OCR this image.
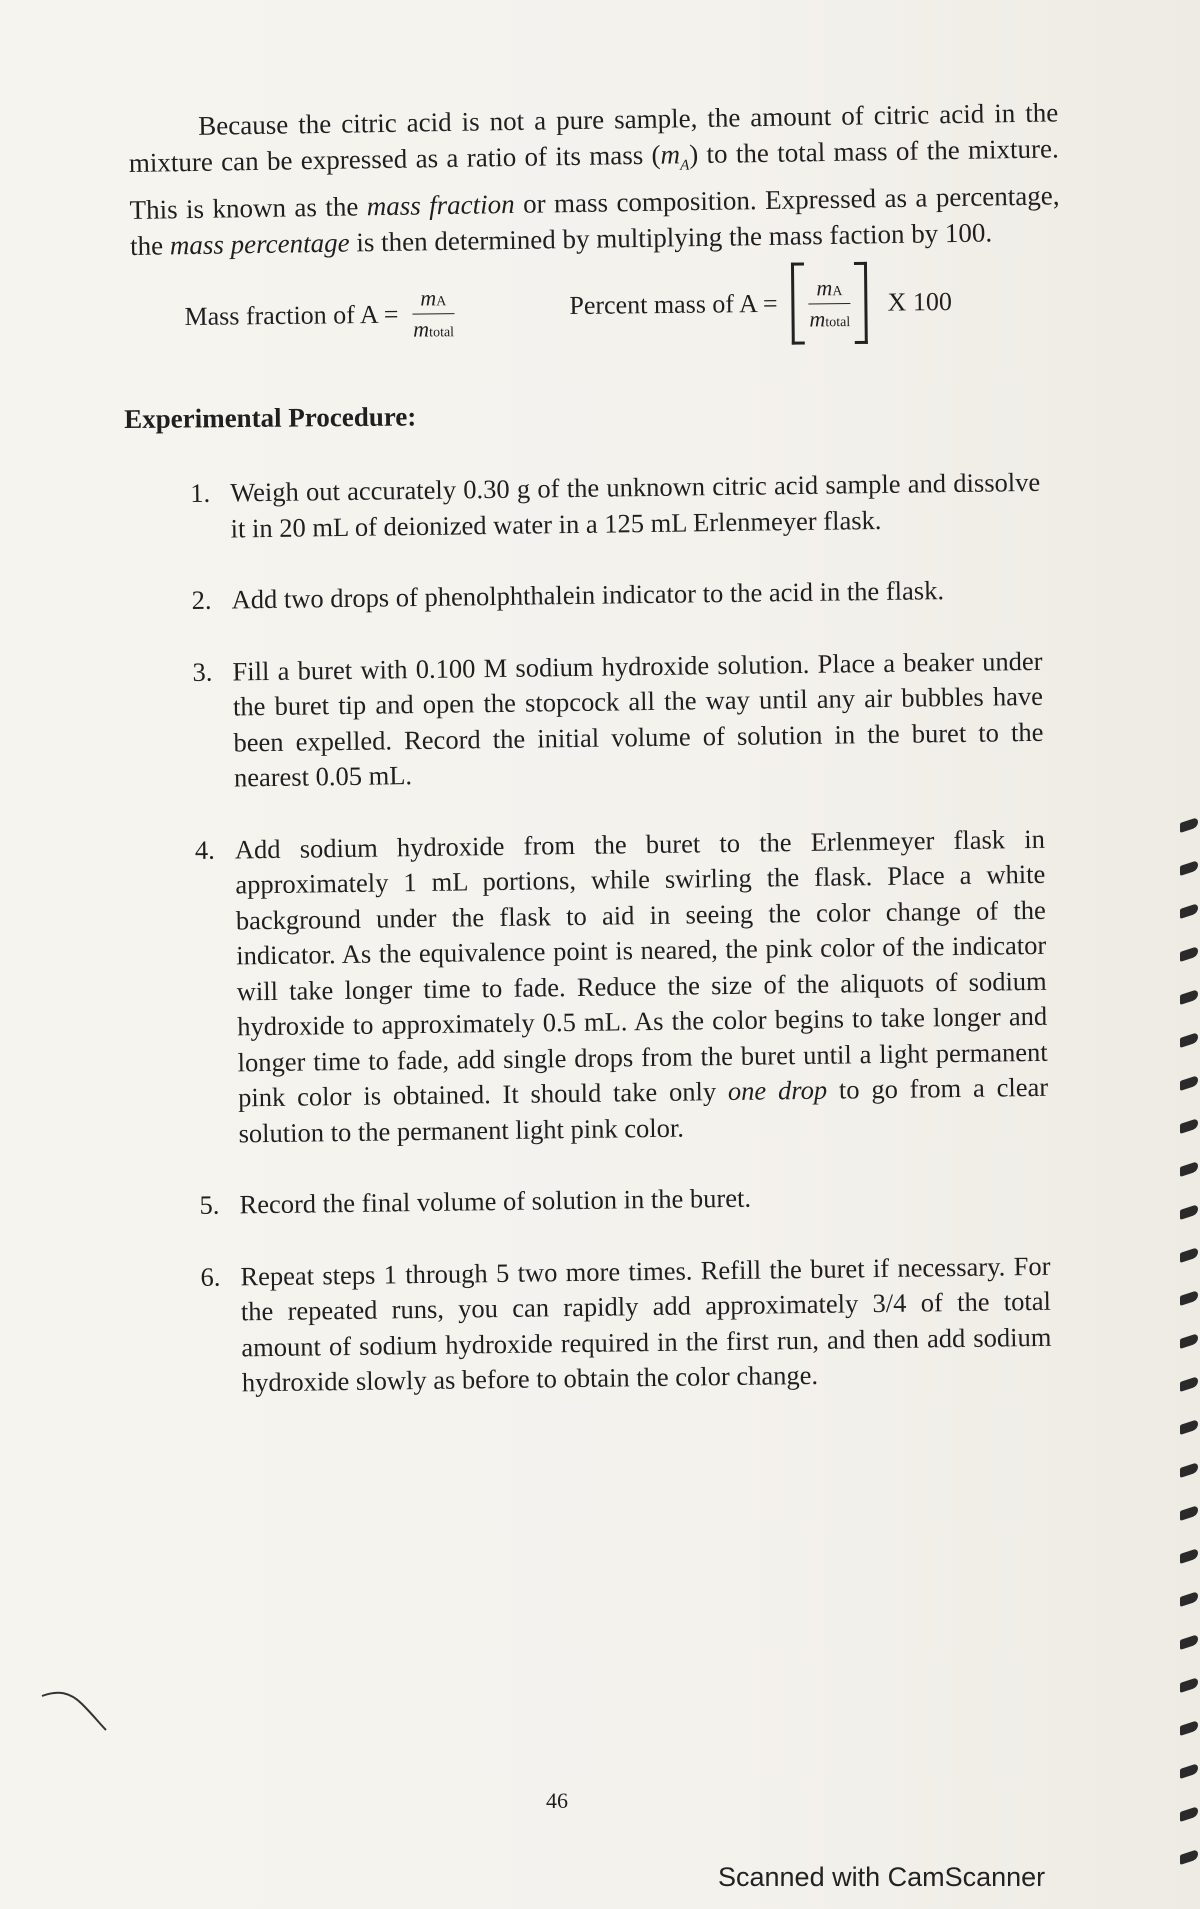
Because the citric acid is not a pure sample, the amount of citric acid in the mixture can be expressed as a ratio of its mass $(m_A)$ to the total mass of the mixture. This is known as the mass fraction or mass composition. Expressed as a percentage, the mass percentage is then determined by multiplying the mass faction by 100.

Mass fraction of $A = \frac{mA}{\text{mtotal}}$	Percent mass of $A = \frac{mA}{\text{mtotal}}$ X 100
Experimental Procedure:
1. Weigh out accurately 0.30 g of the unknown citric acid sample and dissolve it in 20 mL of deionized water in a 125 mL Erlenmeyer flask.
2. Add two drops of phenolphthalein indicator to the acid in the flask.
3. Fill a buret with 0.100 M sodium hydroxide solution. Place a beaker under the buret tip and open the stopcock all the way until any air bubbles have been expelled. Record the initial volume of solution in the buret to the nearest 0.05 mL.
4. Add sodium hydroxide from the buret to the Erlenmeyer flask in approximately 1 mL portions, while swirling the flask. Place a white background under the flask to aid in seeing the color change of the indicator. As the equivalence point is neared, the pink color of the indicator will take longer time to fade. Reduce the size of the aliquots of sodium hydroxide to approximately 0.5 mL. As the color begins to take longer and longer time to fade, add single drops from the buret until a light permanent pink color is obtained. It should take only one drop to go from a clear solution to the permanent light pink color.
5. Record the final volume of solution in the buret.
6. Repeat steps 1 through 5 two more times. Refill the buret if necessary. For the repeated runs, you can rapidly add approximately 3/4 of the total amount of sodium hydroxide required in the first run, and then add sodium hydroxide slowly as before to obtain the color change.
46
Scanned with CamScanner
